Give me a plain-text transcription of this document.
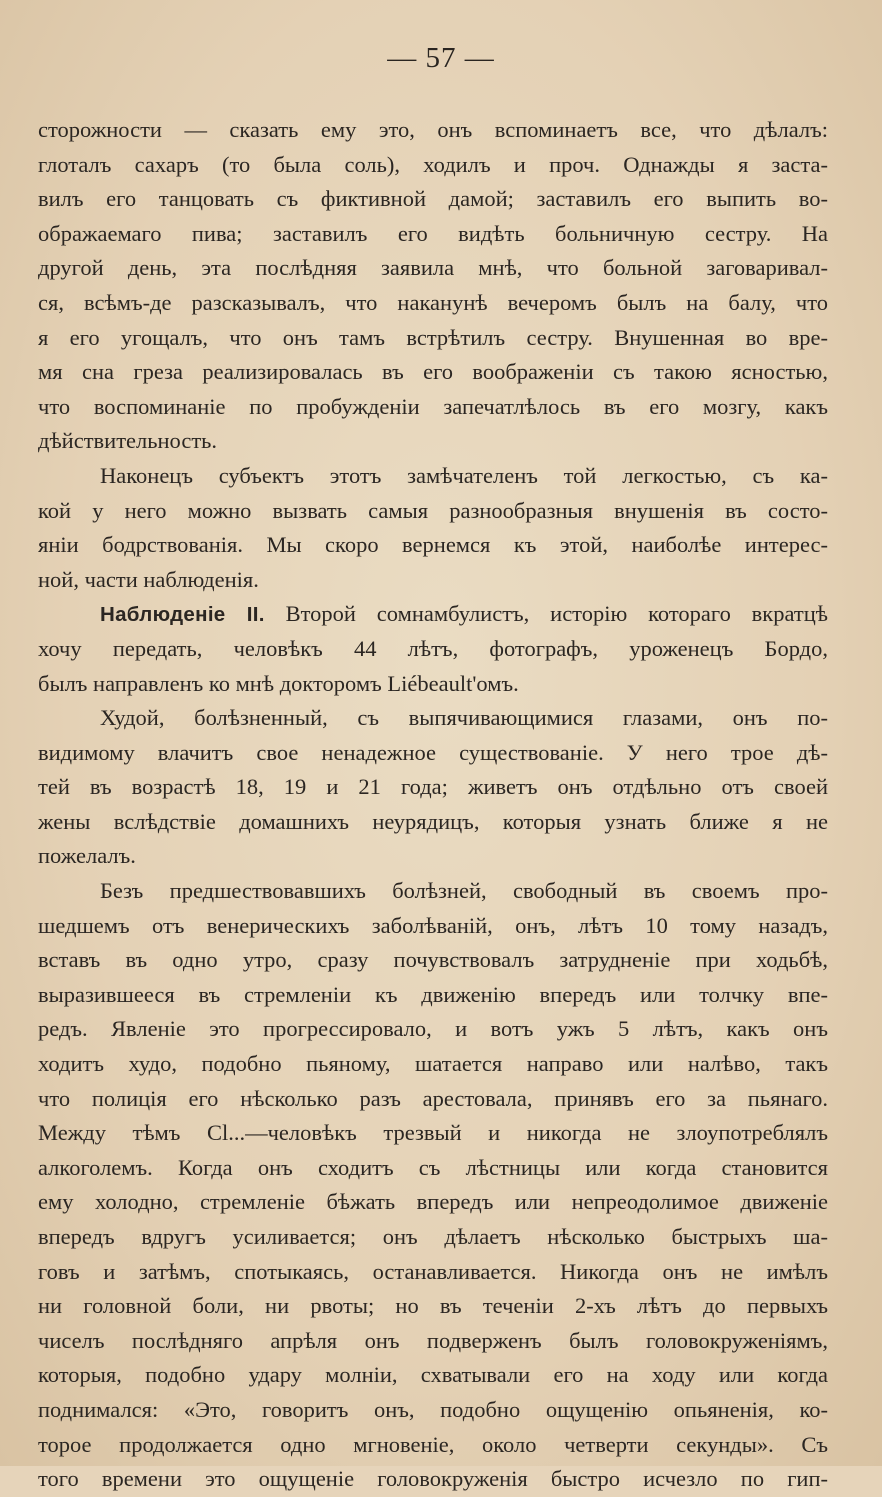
— 57 —

сторожности — сказать ему это, онъ вспоминаетъ все, что дѣлалъ:
глоталъ сахаръ (то была соль), ходилъ и проч. Однажды я заста-
вилъ его танцовать съ фиктивной дамой; заставилъ его выпить во-
ображаемаго пива; заставилъ его видѣть больничную сестру. На
другой день, эта послѣдняя заявила мнѣ, что больной заговаривал-
ся, всѣмъ-де разсказывалъ, что наканунѣ вечеромъ былъ на балу, что
я его угощалъ, что онъ тамъ встрѣтилъ сестру. Внушенная во вре-
мя сна греза реализировалась въ его воображенiи съ такою ясностью,
что воспоминанiе по пробужденiи запечатлѣлось въ его мозгу, какъ
дѣйствительность.

Наконецъ субъектъ этотъ замѣчателенъ той легкостью, съ ка-
кой у него можно вызвать самыя разнообразныя внушенiя въ состо-
янiи бодрствованiя. Мы скоро вернемся къ этой, наиболѣе интерес-
ной, части наблюденiя.

Наблюденiе II. Второй сомнамбулистъ, исторiю котораго вкратцѣ
хочу передать, человѣкъ 44 лѣтъ, фотографъ, уроженецъ Бордо,
былъ направленъ ко мнѣ докторомъ Liébeault'омъ.

Худой, болѣзненный, съ выпячивающимися глазами, онъ по-
видимому влачитъ свое ненадежное существованiе. У него трое дѣ-
тей въ возрастѣ 18, 19 и 21 года; живетъ онъ отдѣльно отъ своей
жены вслѣдствiе домашнихъ неурядицъ, которыя узнать ближе я не
пожелалъ.

Безъ предшествовавшихъ болѣзней, свободный въ своемъ про-
шедшемъ отъ венерическихъ заболѣванiй, онъ, лѣтъ 10 тому назадъ,
вставъ въ одно утро, сразу почувствовалъ затрудненiе при ходьбѣ,
выразившееся въ стремленiи къ движенiю впередъ или толчку впе-
редъ. Явленiе это прогрессировало, и вотъ ужъ 5 лѣтъ, какъ онъ
ходитъ худо, подобно пьяному, шатается направо или налѣво, такъ
что полицiя его нѣсколько разъ арестовала, принявъ его за пьянаго.
Между тѣмъ Cl...—человѣкъ трезвый и никогда не злоупотреблялъ
алкоголемъ. Когда онъ сходитъ съ лѣстницы или когда становится
ему холодно, стремленiе бѣжать впередъ или непреодолимое движенiе
впередъ вдругъ усиливается; онъ дѣлаетъ нѣсколько быстрыхъ ша-
говъ и затѣмъ, спотыкаясь, останавливается. Никогда онъ не имѣлъ
ни головной боли, ни рвоты; но въ теченiи 2-хъ лѣтъ до первыхъ
чиселъ послѣдняго апрѣля онъ подверженъ былъ головокруженiямъ,
которыя, подобно удару молнiи, схватывали его на ходу или когда
поднимался: «Это, говоритъ онъ, подобно ощущенiю опьяненiя, ко-
торое продолжается одно мгновенiе, около четверти секунды». Съ
того времени это ощущенiе головокруженiя быстро исчезло по гип-
